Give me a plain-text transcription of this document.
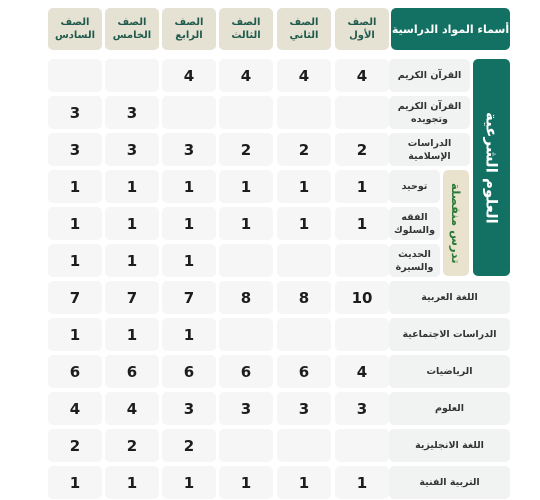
أسماء المواد الدراسية
الصف
الأول
الصف
الثاني
الصف
الثالث
الصف
الرابع
الصف
الخامس
الصف
السادس
العلوم الشرعية
تدرس منفصلة
القرآن الكريم
4
4
4
4
القرآن الكريم
وتجويده
3
3
الدراسات
الإسلامية
2
2
2
3
3
3
توحيد
1
1
1
1
1
1
الفقه
والسلوك
1
1
1
1
1
1
الحديث
والسيرة
1
1
1
اللغة العربية
10
8
8
7
7
7
الدراسات الاجتماعية
1
1
1
الرياضيات
4
6
6
6
6
6
العلوم
3
3
3
3
4
4
اللغة الانجليزية
2
2
2
التربية الفنية
1
1
1
1
1
1
